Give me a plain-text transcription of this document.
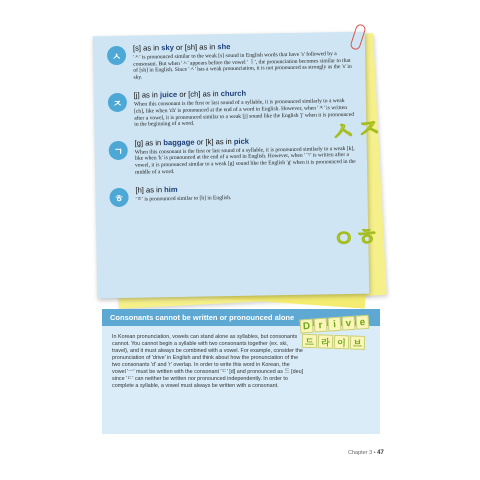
ㅅ
[s] as in sky or [sh] as in she
'ㅅ' is pronounced similar to the weak [s] sound in English words that have 's' followed by a consonant. But when 'ㅅ' appears before the vowel ' ㅣ', the pronunciation becomes similar to that of [sh] in English. Since 'ㅅ' has a weak pronunciation, it is not pronounced as strongly as the 's' in sky.
ㅈ
[j] as in juice or [ch] as in church
When this consonant is the first or last sound of a syllable, it is pronounced similarly to a weak [ch], like when 'ch' is pronounced at the end of a word in English. However, when 'ㅈ' is written after a vowel, it is pronounced similar to a weak [j] sound like the English 'j' when it is pronounced in the beginning of a word.
ㄱ
[g] as in baggage or [k] as in pick
When this consonant is the first or last sound of a syllable, it is pronounced similarly to a weak [k], like when 'k' is pronounced at the end of a word in English. However, when 'ㄱ' is written after a vowel, it is pronounced similar to a weak [g] sound like the English 'g' when it is pronounced in the middle of a word.
ㅎ
[h] as in him
'ㅎ' is pronounced similar to [h] in English.
ㅅㅈ
ㅇㅎ
Consonants cannot be written or pronounced alone
In Korean pronunciation, vowels can stand alone as syllables, but consonants cannot. You cannot begin a syllable with two consonants together (ex. ski, travel), and it must always be combined with a vowel. For example, consider the pronunciation of 'drive' in English and think about how the pronunciation of the two consonants 'd' and 'r' overlap. In order to write this word in Korean, the vowel 'ㅡ' must be written with the consonant 'ㄷ' [d] and pronounced as 드 [deu] since 'ㄷ' can neither be written nor pronounced independently. In order to complete a syllable, a vowel must always be written with a consonant.
D r i v e
드 라 이 브
Chapter 3 • 47
